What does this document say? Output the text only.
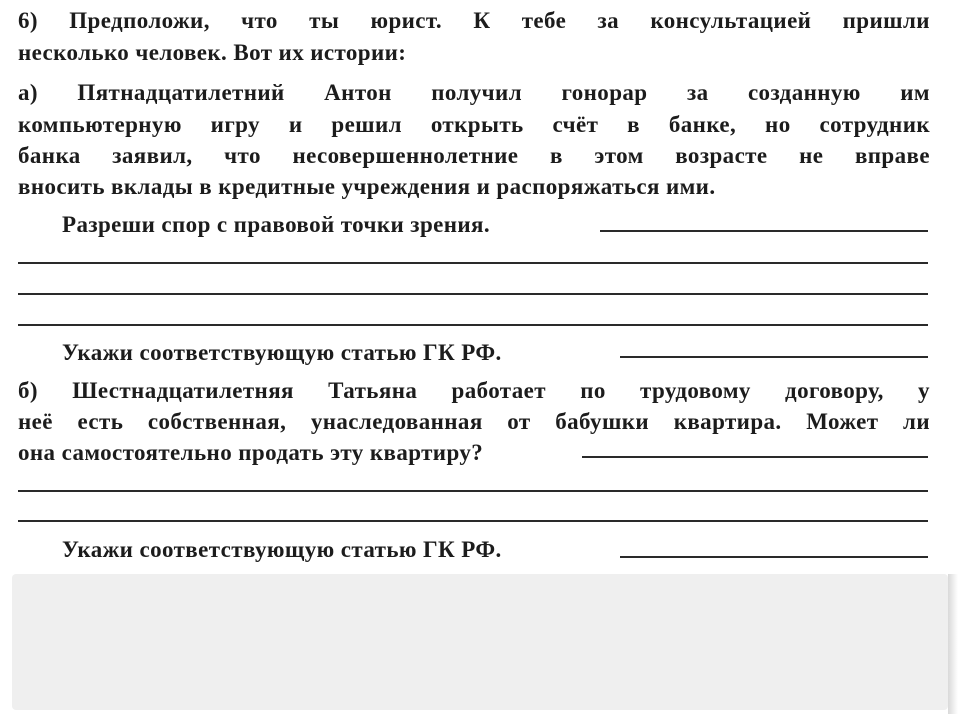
6) Предположи, что ты юрист. К тебе за консультацией пришли
несколько человек. Вот их истории:
а) Пятнадцатилетний Антон получил гонорар за созданную им
компьютерную игру и решил открыть счёт в банке, но сотрудник
банка заявил, что несовершеннолетние в этом возрасте не вправе
вносить вклады в кредитные учреждения и распоряжаться ими.
Разреши спор с правовой точки зрения.
Укажи соответствующую статью ГК РФ.
б) Шестнадцатилетняя Татьяна работает по трудовому договору, у
неё есть собственная, унаследованная от бабушки квартира. Может ли
она самостоятельно продать эту квартиру?
Укажи соответствующую статью ГК РФ.
